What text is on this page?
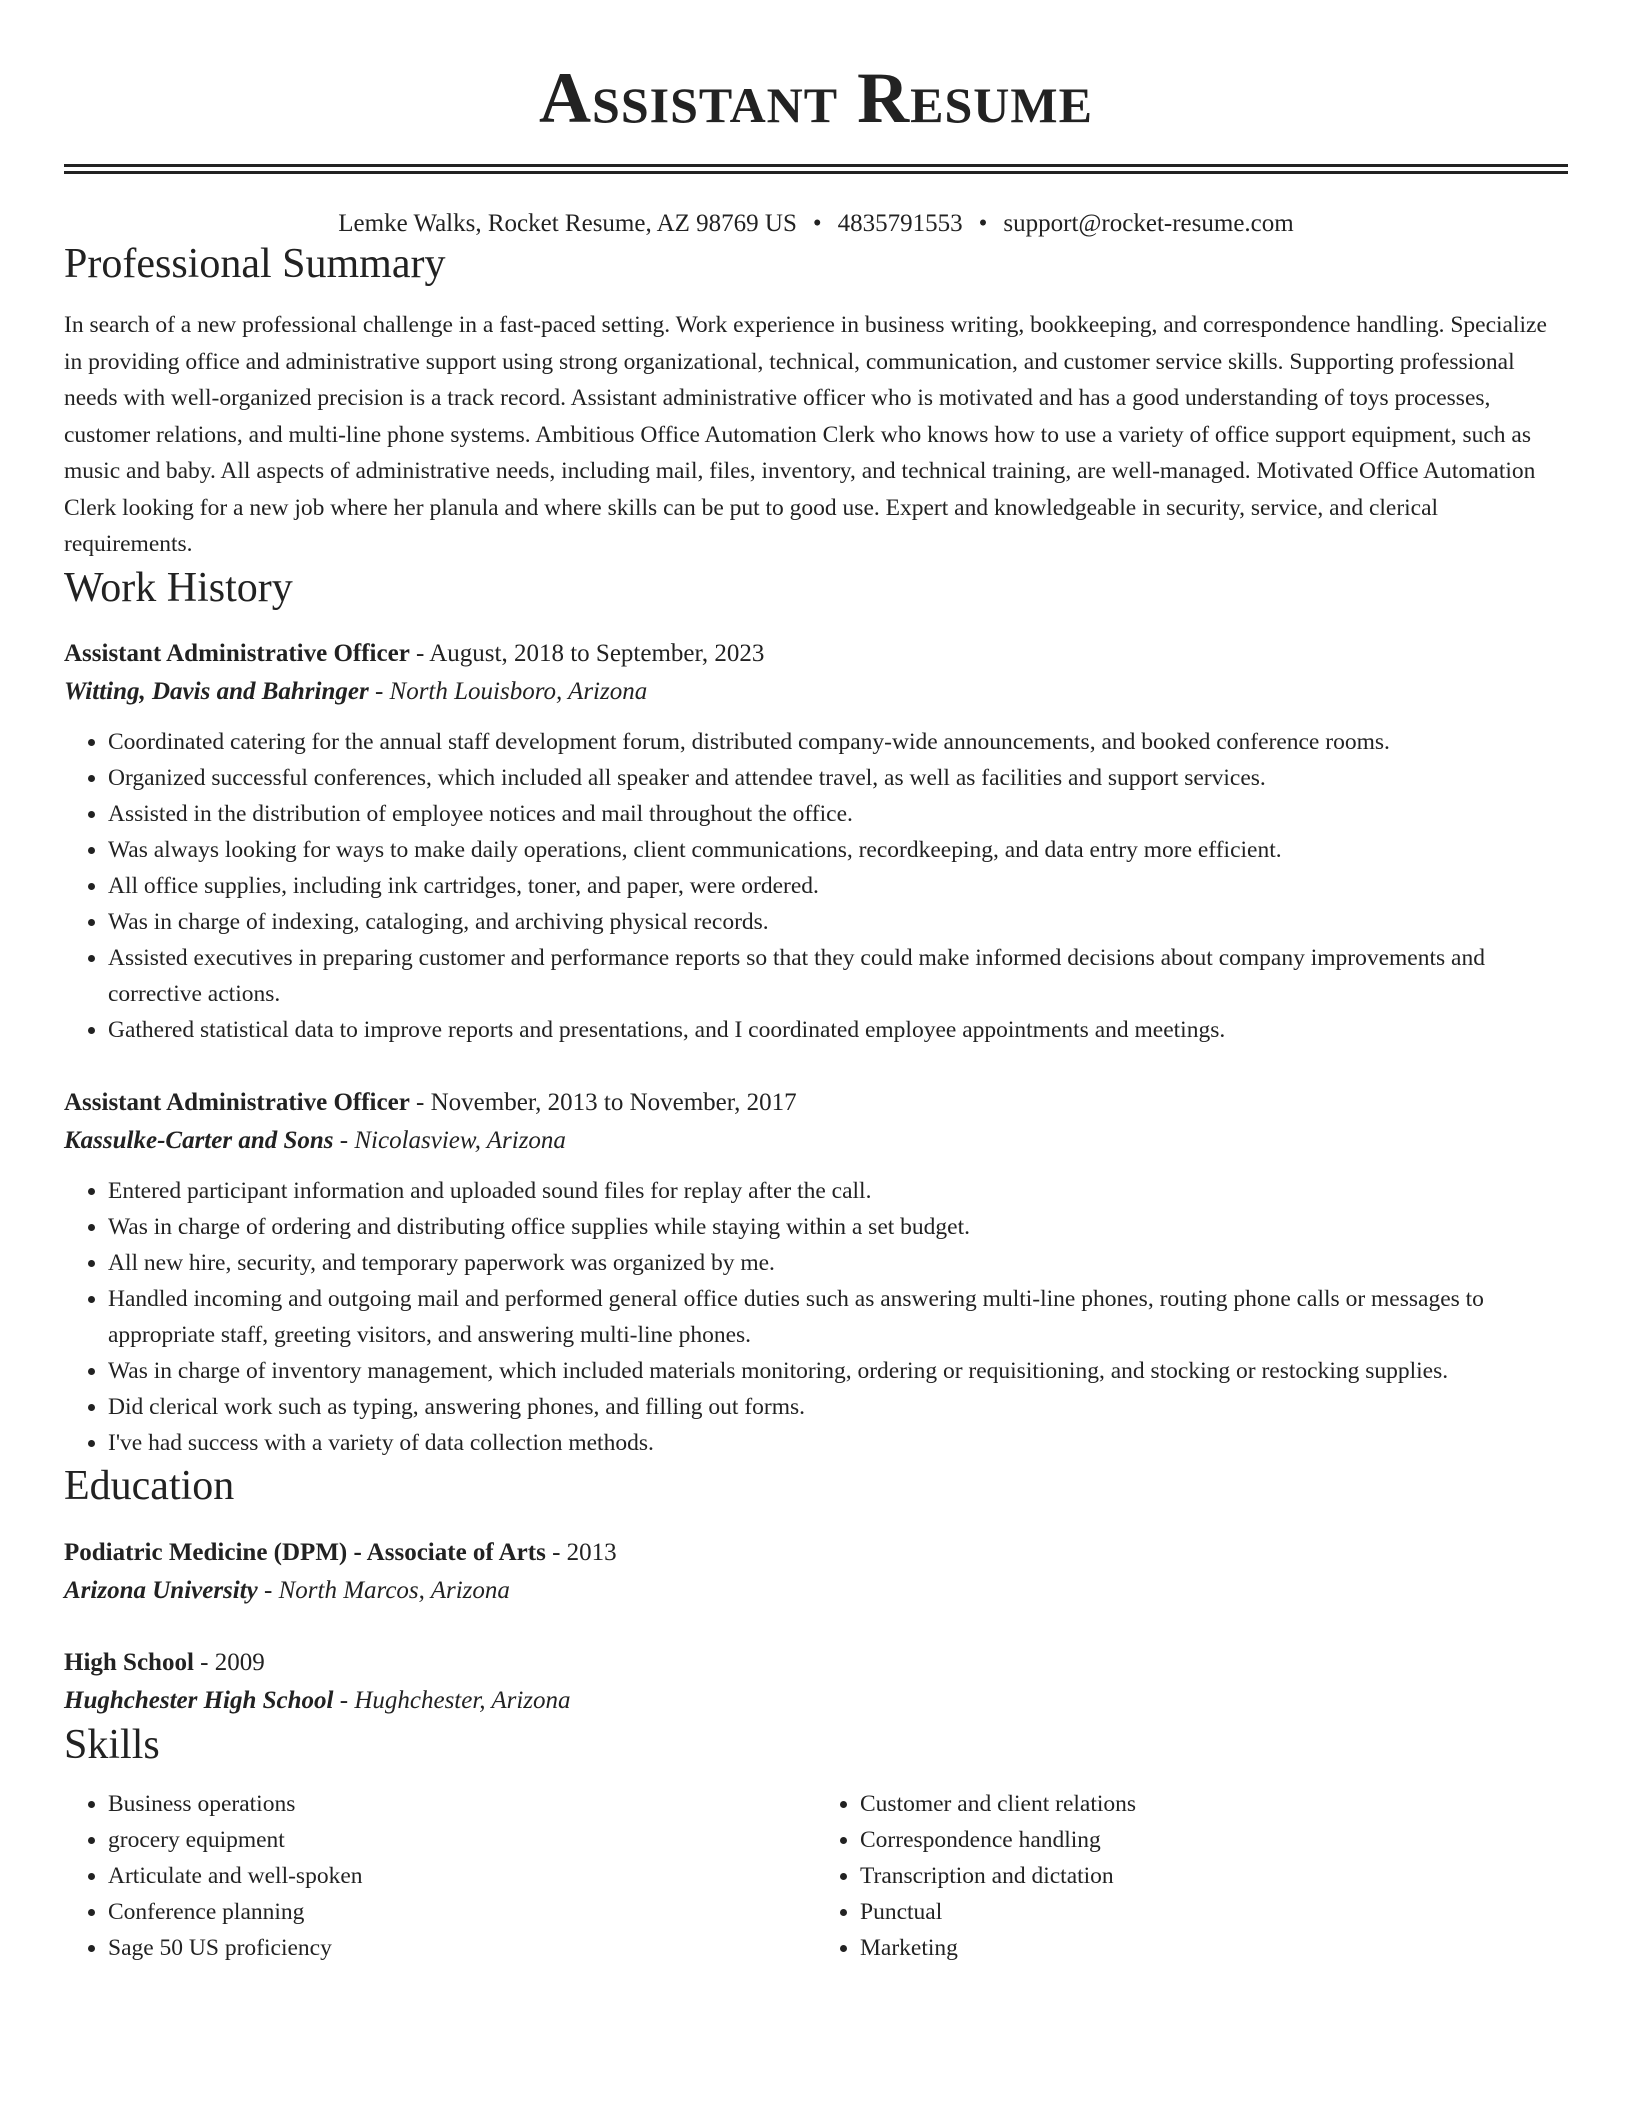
Assistant Resume
Lemke Walks, Rocket Resume, AZ 98769 US • 4835791553 • support@rocket-resume.com
Professional Summary

In search of a new professional challenge in a fast-paced setting. Work experience in business writing, bookkeeping, and correspondence handling. Specialize in providing office and administrative support using strong organizational, technical, communication, and customer service skills. Supporting professional needs with well-organized precision is a track record. Assistant administrative officer who is motivated and has a good understanding of toys processes, customer relations, and multi-line phone systems. Ambitious Office Automation Clerk who knows how to use a variety of office support equipment, such as music and baby. All aspects of administrative needs, including mail, files, inventory, and technical training, are well-managed. Motivated Office Automation Clerk looking for a new job where her planula and where skills can be put to good use. Expert and knowledgeable in security, service, and clerical requirements.

Work History
Assistant Administrative Officer - August, 2018 to September, 2023
Witting, Davis and Bahringer - North Louisboro, Arizona
• Coordinated catering for the annual staff development forum, distributed company-wide announcements, and booked conference rooms.
• Organized successful conferences, which included all speaker and attendee travel, as well as facilities and support services.
• Assisted in the distribution of employee notices and mail throughout the office.
• Was always looking for ways to make daily operations, client communications, recordkeeping, and data entry more efficient.
• All office supplies, including ink cartridges, toner, and paper, were ordered.
• Was in charge of indexing, cataloging, and archiving physical records.
• Assisted executives in preparing customer and performance reports so that they could make informed decisions about company improvements and corrective actions.
• Gathered statistical data to improve reports and presentations, and I coordinated employee appointments and meetings.
Assistant Administrative Officer - November, 2013 to November, 2017
Kassulke-Carter and Sons - Nicolasview, Arizona
• Entered participant information and uploaded sound files for replay after the call.
• Was in charge of ordering and distributing office supplies while staying within a set budget.
• All new hire, security, and temporary paperwork was organized by me.
• Handled incoming and outgoing mail and performed general office duties such as answering multi-line phones, routing phone calls or messages to appropriate staff, greeting visitors, and answering multi-line phones.
• Was in charge of inventory management, which included materials monitoring, ordering or requisitioning, and stocking or restocking supplies.
• Did clerical work such as typing, answering phones, and filling out forms.
• I've had success with a variety of data collection methods.
Education
Podiatric Medicine (DPM) - Associate of Arts - 2013
Arizona University - North Marcos, Arizona
High School - 2009
Hughchester High School - Hughchester, Arizona
Skills
• Business operations
• grocery equipment
• Articulate and well-spoken
• Conference planning
• Sage 50 US proficiency
• Customer and client relations
• Correspondence handling
• Transcription and dictation
• Punctual
• Marketing
